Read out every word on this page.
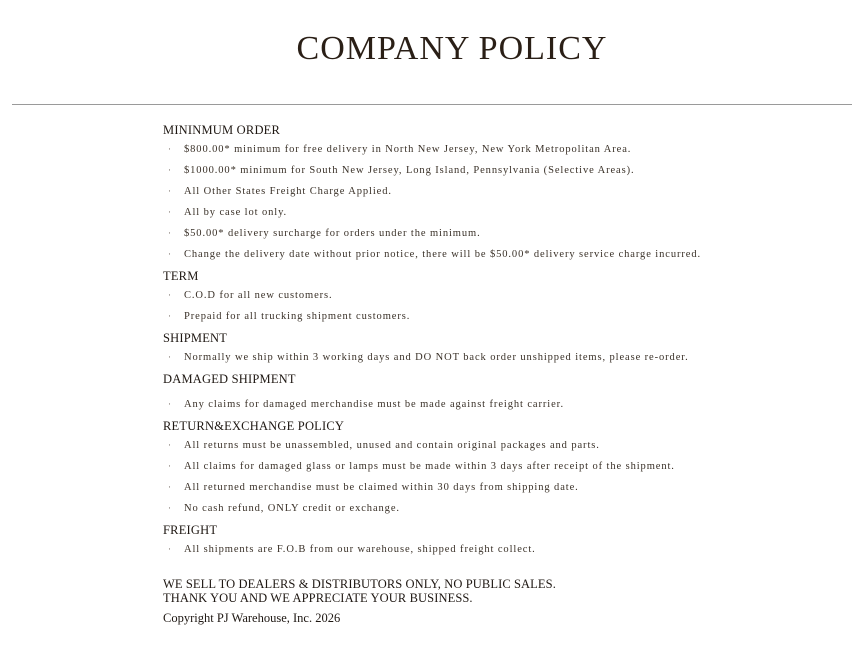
COMPANY POLICY
MININMUM ORDER
· $800.00* minimum for free delivery in North New Jersey, New York Metropolitan Area.
· $1000.00* minimum for South New Jersey, Long Island, Pennsylvania (Selective Areas).
· All Other States Freight Charge Applied.
· All by case lot only.
· $50.00* delivery surcharge for orders under the minimum.
· Change the delivery date without prior notice, there will be $50.00* delivery service charge incurred.
TERM
· C.O.D for all new customers.
· Prepaid for all trucking shipment customers.
SHIPMENT
· Normally we ship within 3 working days and DO NOT back order unshipped items, please re-order.
DAMAGED SHIPMENT
· Any claims for damaged merchandise must be made against freight carrier.
RETURN&EXCHANGE POLICY
· All returns must be unassembled, unused and contain original packages and parts.
· All claims for damaged glass or lamps must be made within 3 days after receipt of the shipment.
· All returned merchandise must be claimed within 30 days from shipping date.
· No cash refund, ONLY credit or exchange.
FREIGHT
· All shipments are F.O.B from our warehouse, shipped freight collect.
WE SELL TO DEALERS & DISTRIBUTORS ONLY, NO PUBLIC SALES.
THANK YOU AND WE APPRECIATE YOUR BUSINESS.
Copyright PJ Warehouse, Inc. 2026
